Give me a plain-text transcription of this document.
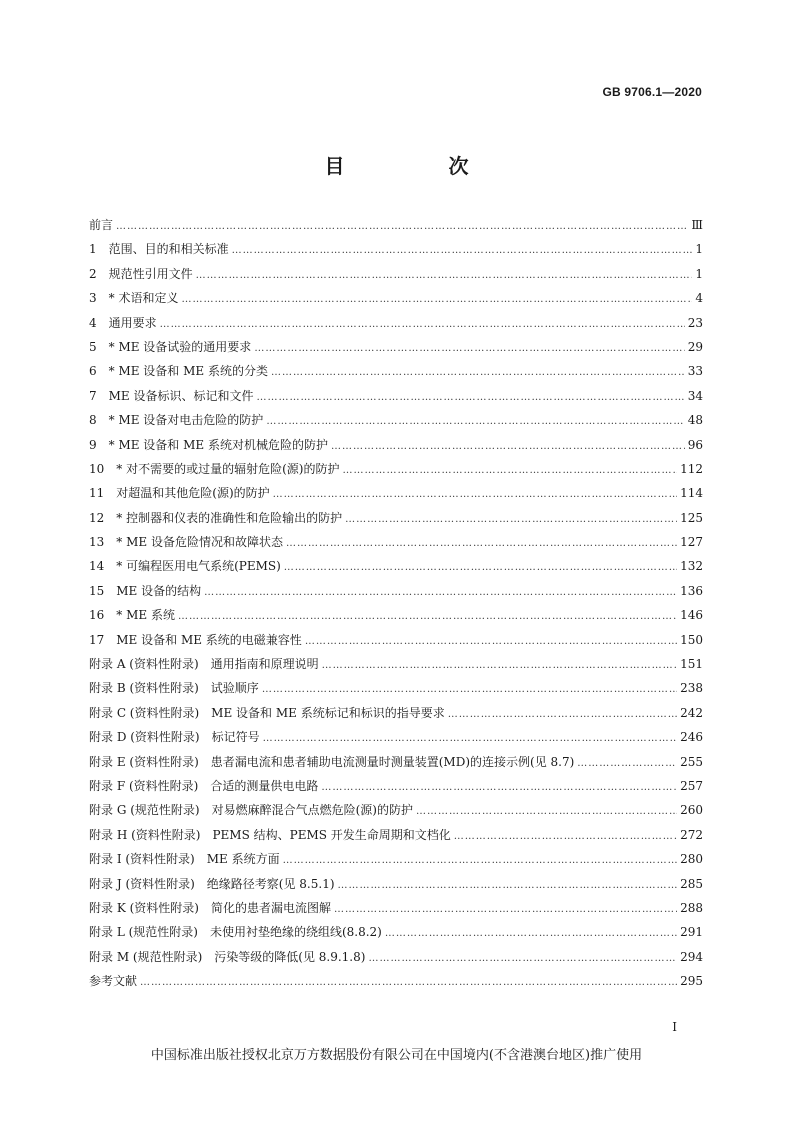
GB 9706.1—2020
目　次
前言 …………………………………………………………………………………………………………………………………………………………………………………………	Ⅲ
1　范围、目的和相关标准 …………………………………………………………………………………………………………………………………………………………………………………………	1
2　规范性引用文件 …………………………………………………………………………………………………………………………………………………………………………………………	1
3　* 术语和定义 …………………………………………………………………………………………………………………………………………………………………………………………	4
4　通用要求 …………………………………………………………………………………………………………………………………………………………………………………………	23
5　* ME 设备试验的通用要求 …………………………………………………………………………………………………………………………………………………………………………………………	29
6　* ME 设备和 ME 系统的分类 …………………………………………………………………………………………………………………………………………………………………………………………	33
7　ME 设备标识、标记和文件 …………………………………………………………………………………………………………………………………………………………………………………………	34
8　* ME 设备对电击危险的防护 …………………………………………………………………………………………………………………………………………………………………………………………	48
9　* ME 设备和 ME 系统对机械危险的防护 …………………………………………………………………………………………………………………………………………………………………………………………	96
10　* 对不需要的或过量的辐射危险(源)的防护 …………………………………………………………………………………………………………………………………………………………………………………………	112
11　对超温和其他危险(源)的防护 …………………………………………………………………………………………………………………………………………………………………………………………	114
12　* 控制器和仪表的准确性和危险输出的防护 …………………………………………………………………………………………………………………………………………………………………………………………	125
13　* ME 设备危险情况和故障状态 …………………………………………………………………………………………………………………………………………………………………………………………	127
14　* 可编程医用电气系统(PEMS) …………………………………………………………………………………………………………………………………………………………………………………………	132
15　ME 设备的结构 …………………………………………………………………………………………………………………………………………………………………………………………	136
16　* ME 系统 …………………………………………………………………………………………………………………………………………………………………………………………	146
17　ME 设备和 ME 系统的电磁兼容性 …………………………………………………………………………………………………………………………………………………………………………………………	150
附录 A (资料性附录)　通用指南和原理说明 …………………………………………………………………………………………………………………………………………………………………………………………	151
附录 B (资料性附录)　试验顺序 …………………………………………………………………………………………………………………………………………………………………………………………	238
附录 C (资料性附录)　ME 设备和 ME 系统标记和标识的指导要求 …………………………………………………………………………………………………………………………………………………………………………………………	242
附录 D (资料性附录)　标记符号 …………………………………………………………………………………………………………………………………………………………………………………………	246
附录 E (资料性附录)　患者漏电流和患者辅助电流测量时测量装置(MD)的连接示例(见 8.7) …………………………………………………………………………………………………………………………………………………………………………………………	255
附录 F (资料性附录)　合适的测量供电电路 …………………………………………………………………………………………………………………………………………………………………………………………	257
附录 G (规范性附录)　对易燃麻醉混合气点燃危险(源)的防护 …………………………………………………………………………………………………………………………………………………………………………………………	260
附录 H (资料性附录)　PEMS 结构、PEMS 开发生命周期和文档化 …………………………………………………………………………………………………………………………………………………………………………………………	272
附录 I (资料性附录)　ME 系统方面 …………………………………………………………………………………………………………………………………………………………………………………………	280
附录 J (资料性附录)　绝缘路径考察(见 8.5.1) …………………………………………………………………………………………………………………………………………………………………………………………	285
附录 K (资料性附录)　简化的患者漏电流图解 …………………………………………………………………………………………………………………………………………………………………………………………	288
附录 L (规范性附录)　未使用衬垫绝缘的绕组线(8.8.2) …………………………………………………………………………………………………………………………………………………………………………………………	291
附录 M (规范性附录)　污染等级的降低(见 8.9.1.8) …………………………………………………………………………………………………………………………………………………………………………………………	294
参考文献 …………………………………………………………………………………………………………………………………………………………………………………………	295
I
中国标准出版社授权北京万方数据股份有限公司在中国境内(不含港澳台地区)推广使用
